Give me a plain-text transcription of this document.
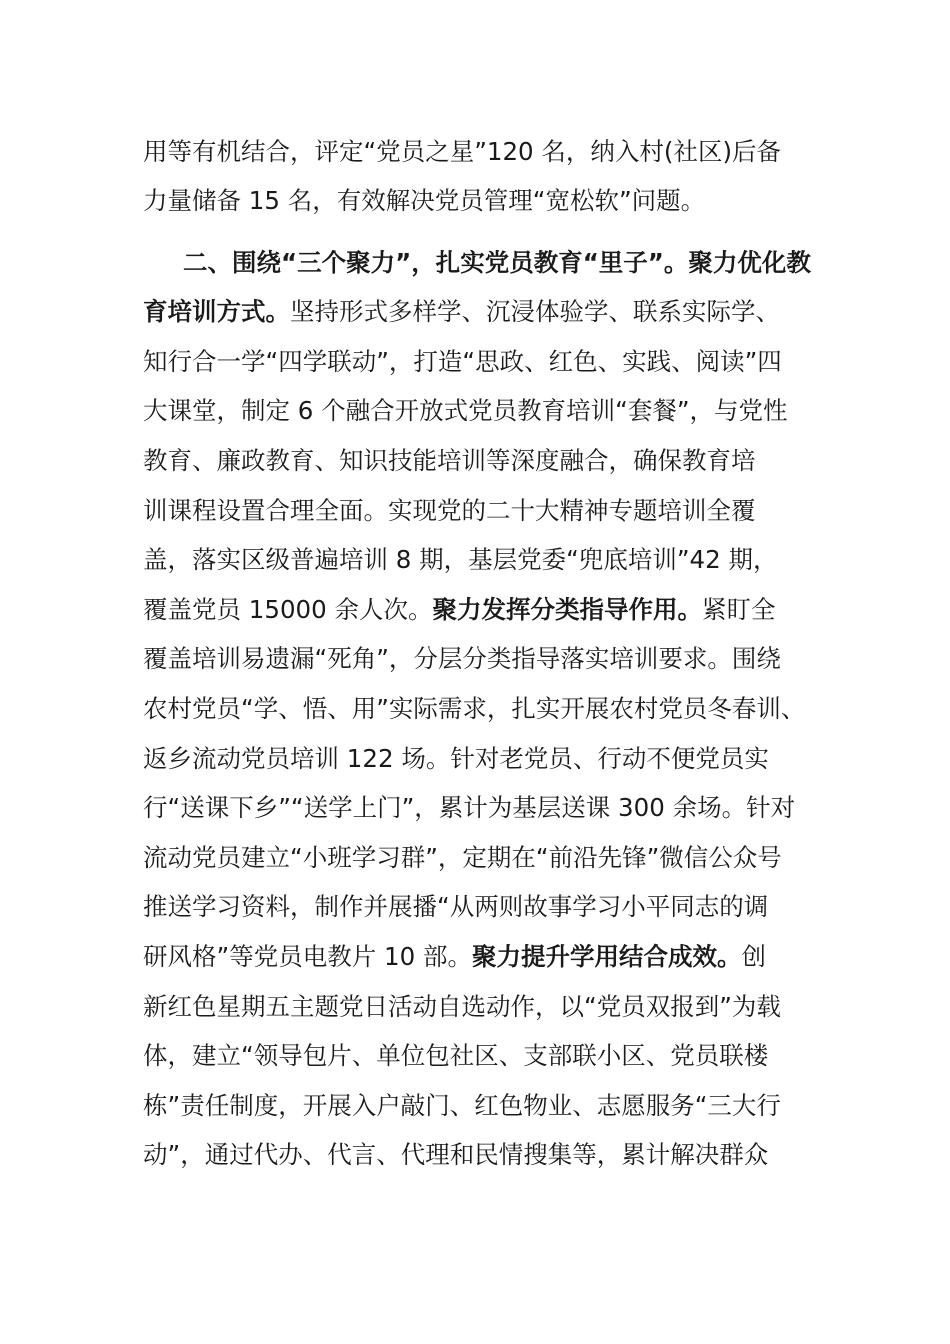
用等有机结合，评定“党员之星”120 名，纳入村(社区)后备
力量储备 15 名，有效解决党员管理“宽松软”问题。
二、围绕“三个聚力”，扎实党员教育“里子”。聚力优化教
育培训方式。坚持形式多样学、沉浸体验学、联系实际学、
知行合一学“四学联动”，打造“思政、红色、实践、阅读”四
大课堂，制定 6 个融合开放式党员教育培训“套餐”，与党性
教育、廉政教育、知识技能培训等深度融合，确保教育培
训课程设置合理全面。实现党的二十大精神专题培训全覆
盖，落实区级普遍培训 8 期，基层党委“兜底培训”42 期，
覆盖党员 15000 余人次。聚力发挥分类指导作用。紧盯全
覆盖培训易遗漏“死角”，分层分类指导落实培训要求。围绕
农村党员“学、悟、用”实际需求，扎实开展农村党员冬春训、
返乡流动党员培训 122 场。针对老党员、行动不便党员实
行“送课下乡”“送学上门”，累计为基层送课 300 余场。针对
流动党员建立“小班学习群”，定期在“前沿先锋”微信公众号
推送学习资料，制作并展播“从两则故事学习小平同志的调
研风格”等党员电教片 10 部。聚力提升学用结合成效。创
新红色星期五主题党日活动自选动作，以“党员双报到”为载
体，建立“领导包片、单位包社区、支部联小区、党员联楼
栋”责任制度，开展入户敲门、红色物业、志愿服务“三大行
动”，通过代办、代言、代理和民情搜集等，累计解决群众
